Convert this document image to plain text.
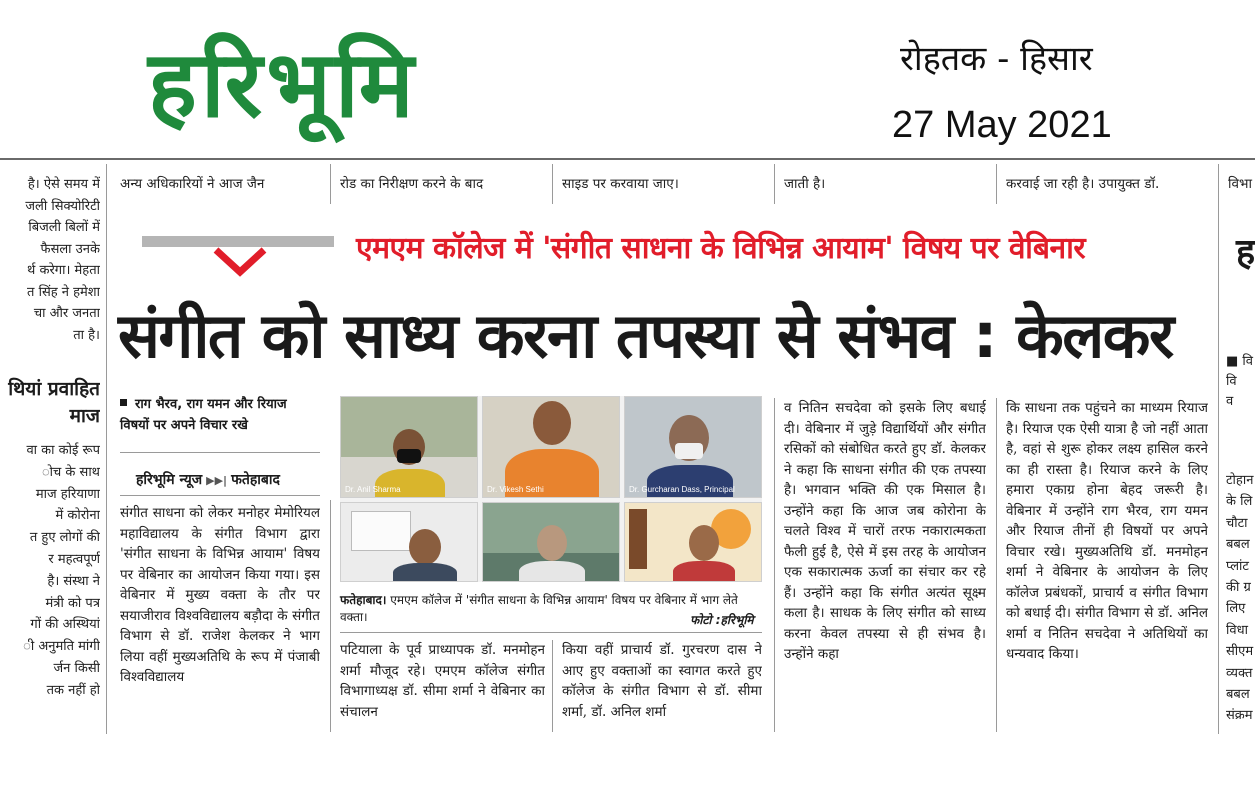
हरिभूमि	रोहतक - हिसार
27 May 2021
अन्य अधिकारियों ने आज जैन	रोड का निरीक्षण करने के बाद	साइड पर करवाया जाए।	जाती है।	करवाई जा रही है। उपायुक्त डॉ.	विभा

है। ऐसे समय में

जली सिक्योरिटी

बिजली बिलों में

फैसला उनके

र्थ करेगा। मेहता

त सिंह ने हमेशा

चा और जनता

ता है।

थियां प्रवाहित
माज

वा का कोई रूप

ोच के साथ

माज हरियाणा

में कोरोना

त हुए लोगों की

र महत्वपूर्ण

है। संस्था ने

मंत्री को पत्र

गों की अस्थियां

ी अनुमति मांगी

र्जन किसी

तक नहीं हो

एमएम कॉलेज में 'संगीत साधना के विभिन्न आयाम' विषय पर वेबिनार
संगीत को साध्य करना तपस्या से संभव : केलकर
राग भैरव, राग यमन और रियाज विषयों पर अपने विचार रखे
हरिभूमि न्यूज ▶▶| फतेहाबाद
संगीत साधना को लेकर मनोहर मेमोरियल महाविद्यालय के संगीत विभाग द्वारा 'संगीत साधना के विभिन्न आयाम' विषय पर वेबिनार का आयोजन किया गया। इस वेबिनार में मुख्य वक्ता के तौर पर सयाजीराव विश्वविद्यालय बड़ौदा के संगीत विभाग से डॉ. राजेश केलकर ने भाग लिया वहीं मुख्यअतिथि के रूप में पंजाबी विश्वविद्यालय
Dr. Anil Sharma	Dr. Vikesh Sethi	Dr. Gurcharan Dass, Principal
फतेहाबाद। एमएम कॉलेज में 'संगीत साधना के विभिन्न आयाम' विषय पर वेबिनार में भाग लेते वक्ता।	फोटो :हरिभूमि
पटियाला के पूर्व प्राध्यापक डॉ. मनमोहन शर्मा मौजूद रहे। एमएम कॉलेज संगीत विभागाध्यक्ष डॉ. सीमा शर्मा ने वेबिनार का संचालन
किया वहीं प्राचार्य डॉ. गुरचरण दास ने आए हुए वक्ताओं का स्वागत करते हुए कॉलेज के संगीत विभाग से डॉ. सीमा शर्मा, डॉ. अनिल शर्मा
व नितिन सचदेवा को इसके लिए बधाई दी। वेबिनार में जुड़े विद्यार्थियों और संगीत रसिकों को संबोधित करते हुए डॉ. केलकर ने कहा कि साधना संगीत की एक तपस्या है। भगवान भक्ति की एक मिसाल है। उन्होंने कहा कि आज जब कोरोना के चलते विश्व में चारों तरफ नकारात्मकता फैली हुई है, ऐसे में इस तरह के आयोजन एक सकारात्मक ऊर्जा का संचार कर रहे हैं। उन्होंने कहा कि संगीत अत्यंत सूक्ष्म कला है। साधक के लिए संगीत को साध्य करना केवल तपस्या से ही संभव है। उन्होंने कहा
कि साधना तक पहुंचने का माध्यम रियाज है। रियाज एक ऐसी यात्रा है जो नहीं आता है, वहां से शुरू होकर लक्ष्य हासिल करने का ही रास्ता है। रियाज करने के लिए हमारा एकाग्र होना बेहद जरूरी है। वेबिनार में उन्होंने राग भैरव, राग यमन और रियाज तीनों ही विषयों पर अपने विचार रखे। मुख्यअतिथि डॉ. मनमोहन शर्मा ने वेबिनार के आयोजन के लिए कॉलेज प्रबंधकों, प्राचार्य व संगीत विभाग को बधाई दी। संगीत विभाग से डॉ. अनिल शर्मा व नितिन सचदेवा ने अतिथियों का धन्यवाद किया।
ह

■ वि

वि

व

टोहान

के लि

चौटा

बबल

प्लांट

की ग्र

लिए

विधा

सीएम

व्यक्त

बबल

संक्रम
